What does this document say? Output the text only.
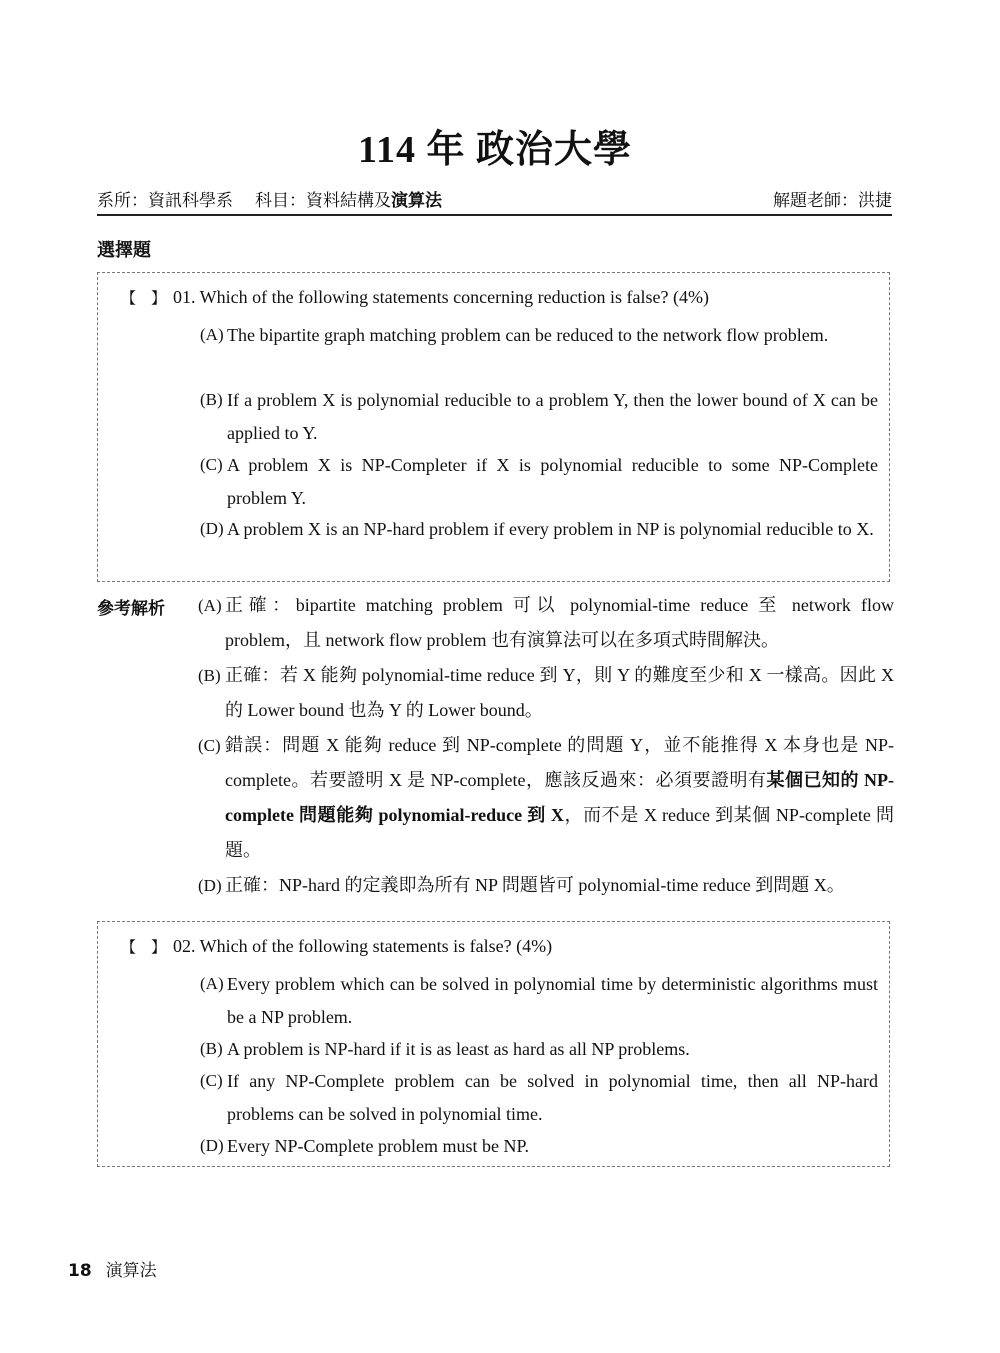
114 年 政治大學
系所：資訊科學系 科目：資料結構及演算法	解題老師：洪捷
選擇題
【　】 01. Which of the following statements concerning reduction is false? (4%)
(A) The bipartite graph matching problem can be reduced to the network flow problem.
(B) If a problem X is polynomial reducible to a problem Y, then the lower bound of X can be applied to Y.
(C) A problem X is NP-Completer if X is polynomial reducible to some NP-Complete problem Y.
(D) A problem X is an NP-hard problem if every problem in NP is polynomial reducible to X.
參考解析 (A) 正確：bipartite matching problem 可以 polynomial-time reduce 至 network flow problem，且 network flow problem 也有演算法可以在多項式時間解決。
(B) 正確：若 X 能夠 polynomial-time reduce 到 Y，則 Y 的難度至少和 X 一樣高。因此 X 的 Lower bound 也為 Y 的 Lower bound。
(C) 錯誤：問題 X 能夠 reduce 到 NP-complete 的問題 Y，並不能推得 X 本身也是 NP-complete。若要證明 X 是 NP-complete，應該反過來：必須要證明有某個已知的 NP-complete 問題能夠 polynomial-reduce 到 X，而不是 X reduce 到某個 NP-complete 問題。
(D) 正確：NP-hard 的定義即為所有 NP 問題皆可 polynomial-time reduce 到問題 X。
【　】 02. Which of the following statements is false? (4%)
(A) Every problem which can be solved in polynomial time by deterministic algorithms must be a NP problem.
(B) A problem is NP-hard if it is as least as hard as all NP problems.
(C) If any NP-Complete problem can be solved in polynomial time, then all NP-hard problems can be solved in polynomial time.
(D) Every NP-Complete problem must be NP.
18 演算法
